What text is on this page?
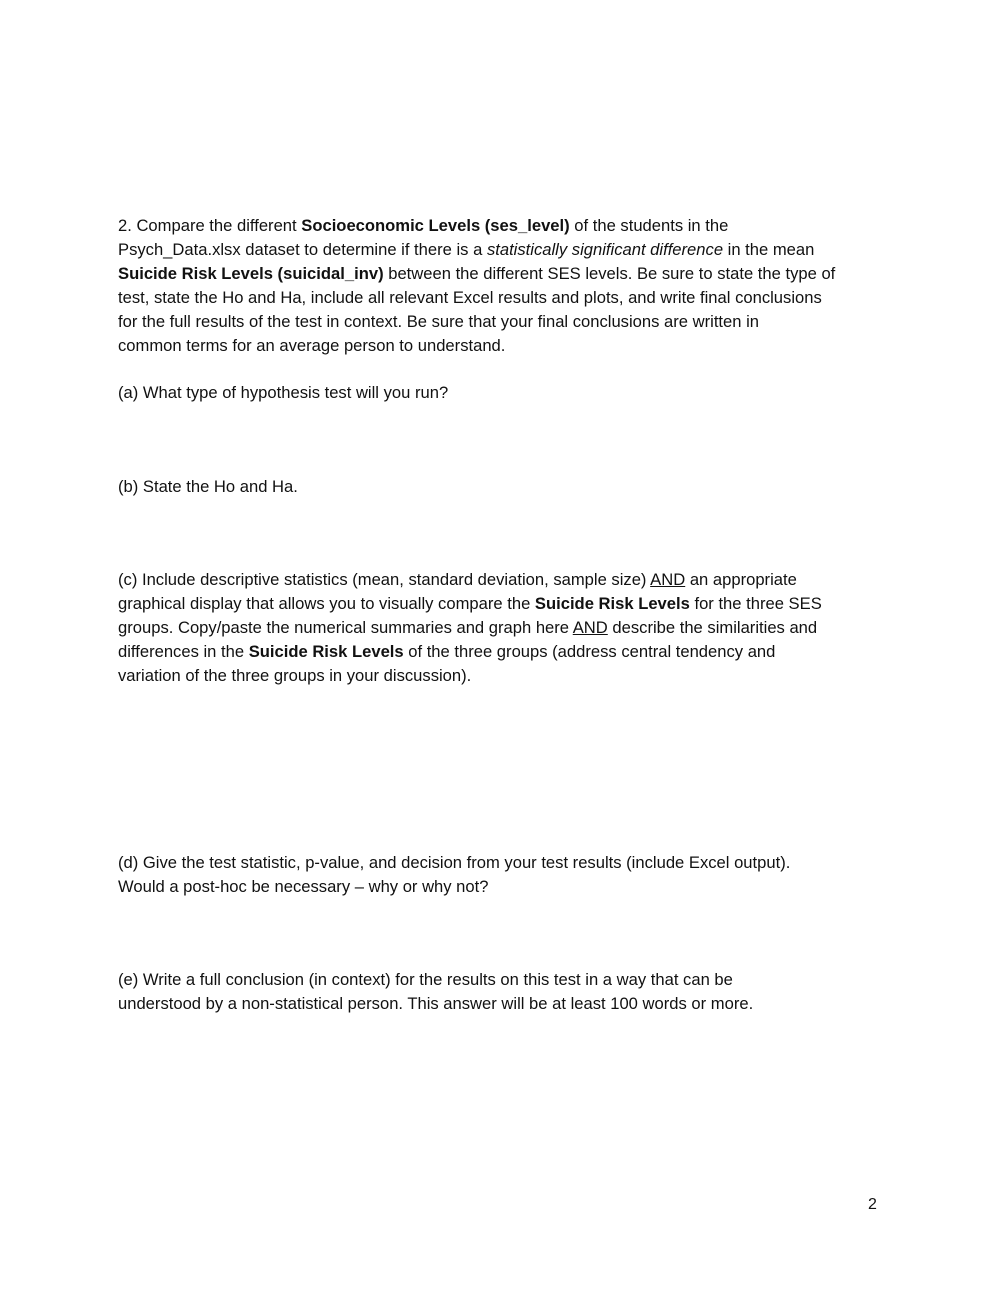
2. Compare the different Socioeconomic Levels (ses_level) of the students in the
Psych_Data.xlsx dataset to determine if there is a statistically significant difference in the mean
Suicide Risk Levels (suicidal_inv) between the different SES levels. Be sure to state the type of
test, state the Ho and Ha, include all relevant Excel results and plots, and write final conclusions
for the full results of the test in context. Be sure that your final conclusions are written in
common terms for an average person to understand.
(a) What type of hypothesis test will you run?
(b) State the Ho and Ha.
(c) Include descriptive statistics (mean, standard deviation, sample size) AND an appropriate
graphical display that allows you to visually compare the Suicide Risk Levels for the three SES
groups. Copy/paste the numerical summaries and graph here AND describe the similarities and
differences in the Suicide Risk Levels of the three groups (address central tendency and
variation of the three groups in your discussion).
(d) Give the test statistic, p-value, and decision from your test results (include Excel output).
Would a post-hoc be necessary – why or why not?
(e) Write a full conclusion (in context) for the results on this test in a way that can be
understood by a non-statistical person. This answer will be at least 100 words or more.
2
